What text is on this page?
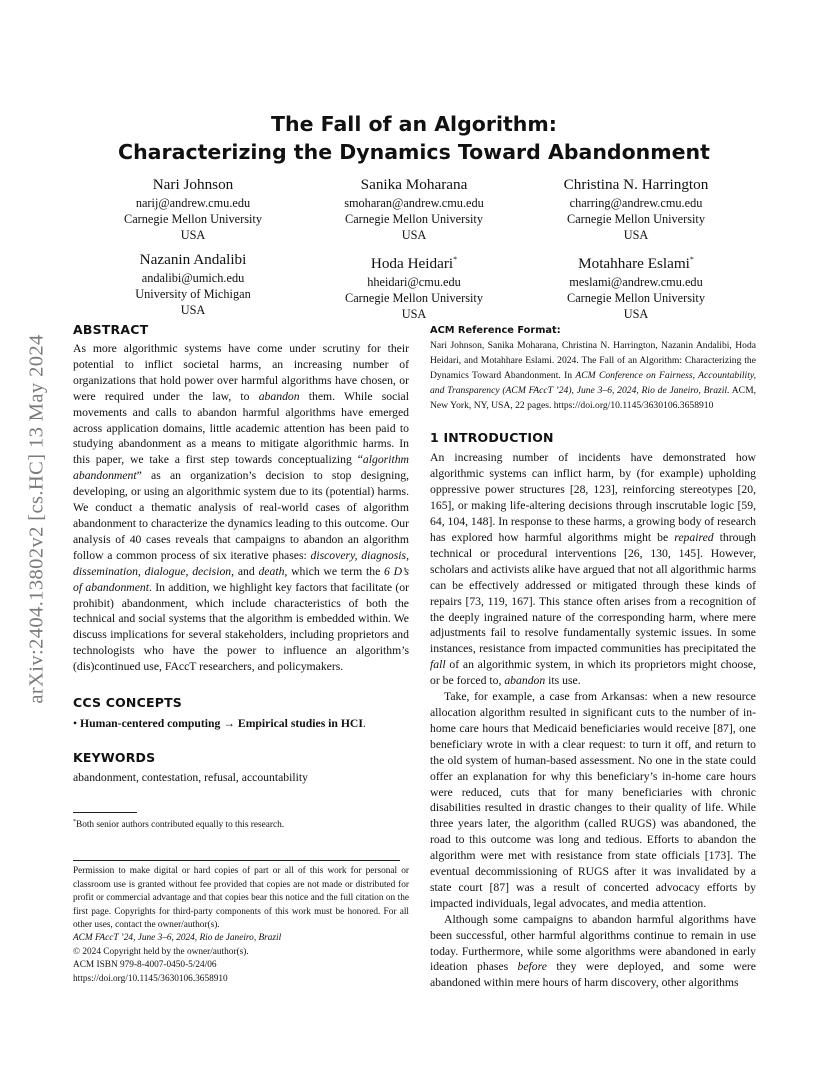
arXiv:2404.13802v2 [cs.HC] 13 May 2024
The Fall of an Algorithm:
Characterizing the Dynamics Toward Abandonment
Nari Johnson
narij@andrew.cmu.edu
Carnegie Mellon University
USA
Sanika Moharana
smoharan@andrew.cmu.edu
Carnegie Mellon University
USA
Christina N. Harrington
charring@andrew.cmu.edu
Carnegie Mellon University
USA
Nazanin Andalibi
andalibi@umich.edu
University of Michigan
USA
Hoda Heidari*
hheidari@cmu.edu
Carnegie Mellon University
USA
Motahhare Eslami*
meslami@andrew.cmu.edu
Carnegie Mellon University
USA
ABSTRACT

As more algorithmic systems have come under scrutiny for their potential to inflict societal harms, an increasing number of organizations that hold power over harmful algorithms have chosen, or were required under the law, to abandon them. While social movements and calls to abandon harmful algorithms have emerged across application domains, little academic attention has been paid to studying abandonment as a means to mitigate algorithmic harms. In this paper, we take a first step towards conceptualizing “algorithm abandonment” as an organization’s decision to stop designing, developing, or using an algorithmic system due to its (potential) harms. We conduct a thematic analysis of real-world cases of algorithm abandonment to characterize the dynamics leading to this outcome. Our analysis of 40 cases reveals that campaigns to abandon an algorithm follow a common process of six iterative phases: discovery, diagnosis, dissemination, dialogue, decision, and death, which we term the 6 D’s of abandonment. In addition, we highlight key factors that facilitate (or prohibit) abandonment, which include characteristics of both the technical and social systems that the algorithm is embedded within. We discuss implications for several stakeholders, including proprietors and technologists who have the power to influence an algorithm’s (dis)continued use, FAccT researchers, and policymakers.

CCS CONCEPTS

• Human-centered computing → Empirical studies in HCI.

KEYWORDS

abandonment, contestation, refusal, accountability

*Both senior authors contributed equally to this research.

Permission to make digital or hard copies of part or all of this work for personal or classroom use is granted without fee provided that copies are not made or distributed for profit or commercial advantage and that copies bear this notice and the full citation on the first page. Copyrights for third-party components of this work must be honored. For all other uses, contact the owner/author(s).
ACM FAccT ’24, June 3–6, 2024, Rio de Janeiro, Brazil
© 2024 Copyright held by the owner/author(s).
ACM ISBN 979-8-4007-0450-5/24/06
https://doi.org/10.1145/3630106.3658910
ACM Reference Format:

Nari Johnson, Sanika Moharana, Christina N. Harrington, Nazanin Andalibi, Hoda Heidari, and Motahhare Eslami. 2024. The Fall of an Algorithm: Characterizing the Dynamics Toward Abandonment. In ACM Conference on Fairness, Accountability, and Transparency (ACM FAccT ’24), June 3–6, 2024, Rio de Janeiro, Brazil. ACM, New York, NY, USA, 22 pages. https://doi.org/10.1145/3630106.3658910

1 INTRODUCTION

An increasing number of incidents have demonstrated how algorithmic systems can inflict harm, by (for example) upholding oppressive power structures [28, 123], reinforcing stereotypes [20, 165], or making life-altering decisions through inscrutable logic [59, 64, 104, 148]. In response to these harms, a growing body of research has explored how harmful algorithms might be repaired through technical or procedural interventions [26, 130, 145]. However, scholars and activists alike have argued that not all algorithmic harms can be effectively addressed or mitigated through these kinds of repairs [73, 119, 167]. This stance often arises from a recognition of the deeply ingrained nature of the corresponding harm, where mere adjustments fail to resolve fundamentally systemic issues. In some instances, resistance from impacted communities has precipitated the fall of an algorithmic system, in which its proprietors might choose, or be forced to, abandon its use.

Take, for example, a case from Arkansas: when a new resource allocation algorithm resulted in significant cuts to the number of in-home care hours that Medicaid beneficiaries would receive [87], one beneficiary wrote in with a clear request: to turn it off, and return to the old system of human-based assessment. No one in the state could offer an explanation for why this beneficiary’s in-home care hours were reduced, cuts that for many beneficiaries with chronic disabilities resulted in drastic changes to their quality of life. While three years later, the algorithm (called RUGS) was abandoned, the road to this outcome was long and tedious. Efforts to abandon the algorithm were met with resistance from state officials [173]. The eventual decommissioning of RUGS after it was invalidated by a state court [87] was a result of concerted advocacy efforts by impacted individuals, legal advocates, and media attention.

Although some campaigns to abandon harmful algorithms have been successful, other harmful algorithms continue to remain in use today. Furthermore, while some algorithms were abandoned in early ideation phases before they were deployed, and some were abandoned within mere hours of harm discovery, other algorithms
